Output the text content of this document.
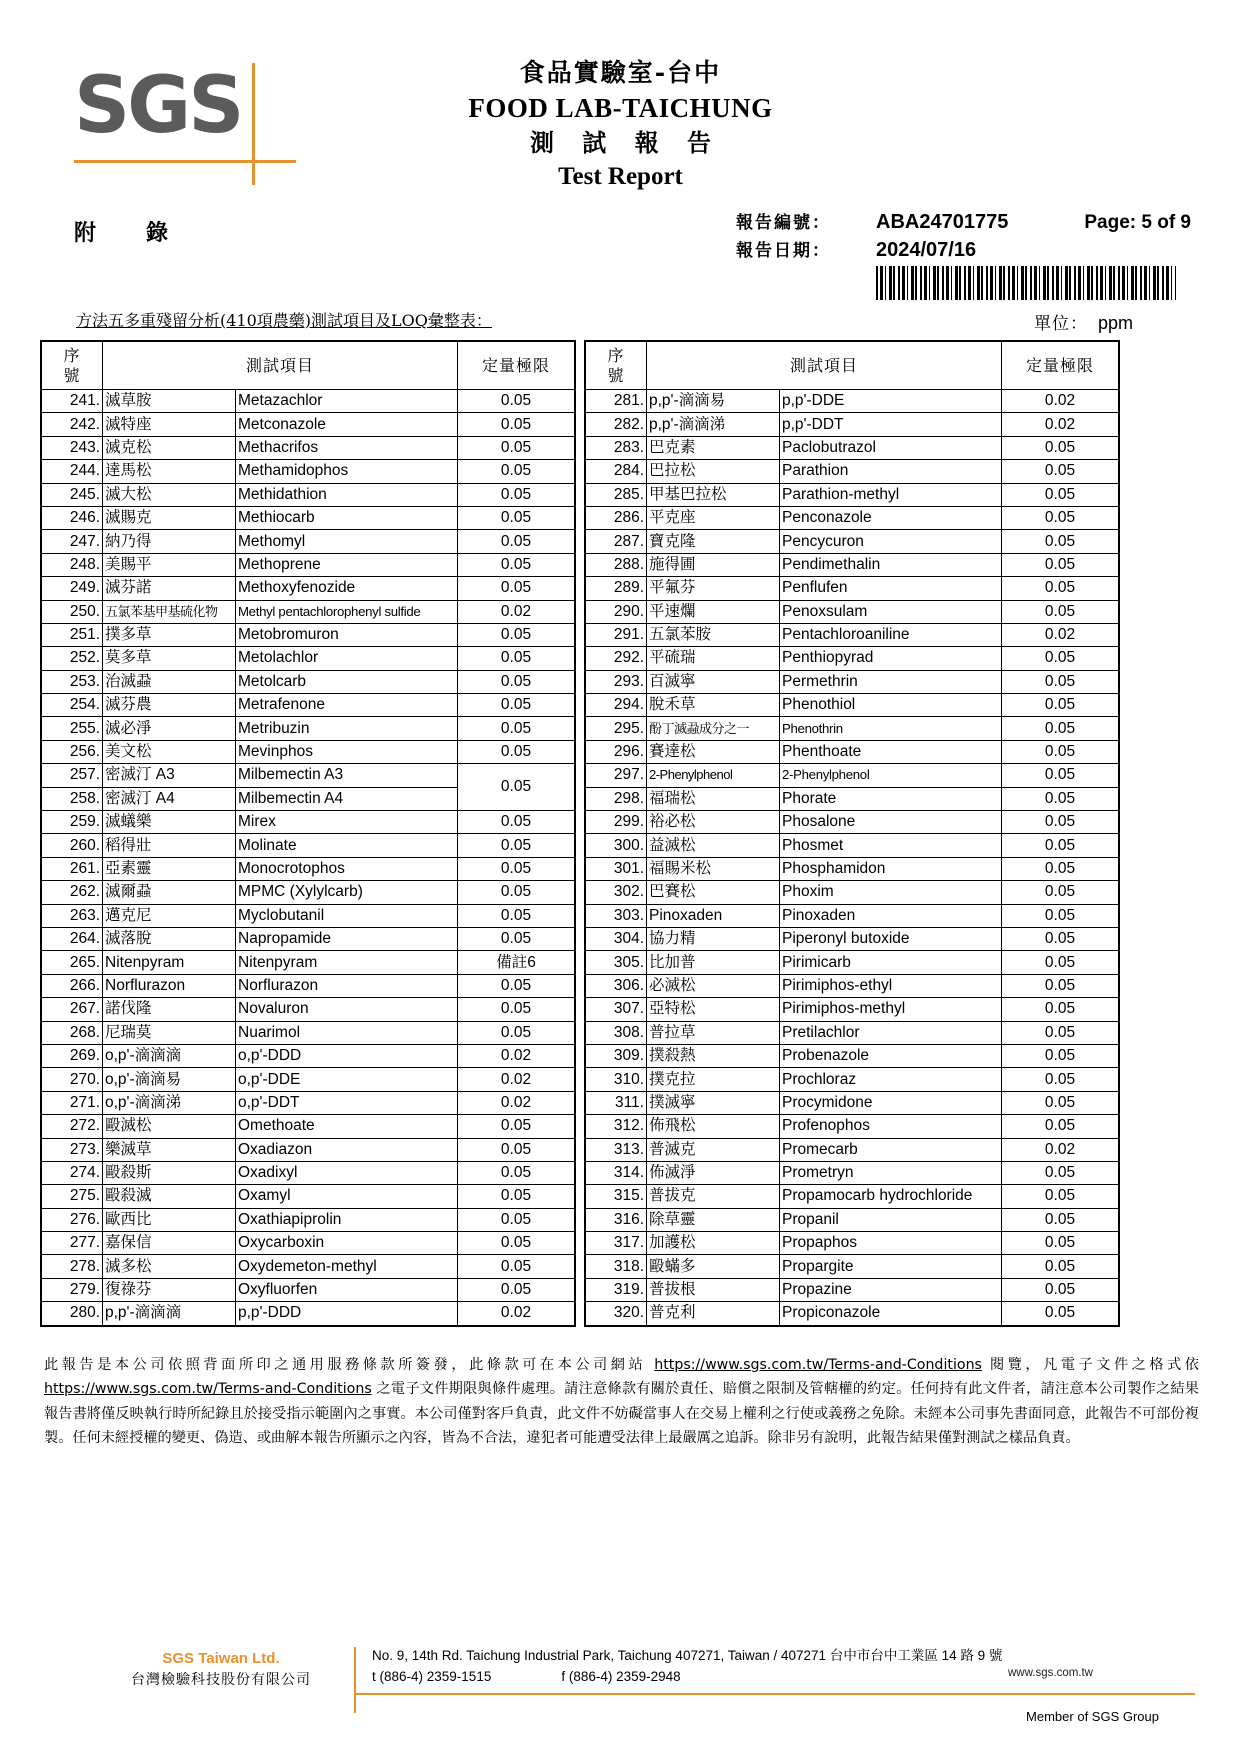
SGS	食品實驗室-台中
FOOD LAB-TAICHUNG
測 試 報 告
Test Report
Page: 5 of 9
附　錄	報告編號：	ABA24701775
報告日期：	2024/07/16
方法五多重殘留分析(410項農藥)測試項目及LOQ彙整表：	單位： ppm
序
號	測試項目		定量極限
241.	滅草胺	Metazachlor	0.05
242.	滅特座	Metconazole	0.05
243.	滅克松	Methacrifos	0.05
244.	達馬松	Methamidophos	0.05
245.	滅大松	Methidathion	0.05
246.	滅賜克	Methiocarb	0.05
247.	納乃得	Methomyl	0.05
248.	美賜平	Methoprene	0.05
249.	滅芬諾	Methoxyfenozide	0.05
250.	五氯苯基甲基硫化物	Methyl pentachlorophenyl sulfide	0.02
251.	撲多草	Metobromuron	0.05
252.	莫多草	Metolachlor	0.05
253.	治滅蝨	Metolcarb	0.05
254.	滅芬農	Metrafenone	0.05
255.	滅必淨	Metribuzin	0.05
256.	美文松	Mevinphos	0.05
257.	密滅汀 A3	Milbemectin A3	0.05
258.	密滅汀 A4	Milbemectin A4	
259.	滅蟻樂	Mirex	0.05
260.	稻得壯	Molinate	0.05
261.	亞素靈	Monocrotophos	0.05
262.	滅爾蝨	MPMC (Xylylcarb)	0.05
263.	邁克尼	Myclobutanil	0.05
264.	滅落脫	Napropamide	0.05
265.	Nitenpyram	Nitenpyram	備註6
266.	Norflurazon	Norflurazon	0.05
267.	諾伐隆	Novaluron	0.05
268.	尼瑞莫	Nuarimol	0.05
269.	o,p'-滴滴滴	o,p'-DDD	0.02
270.	o,p'-滴滴易	o,p'-DDE	0.02
271.	o,p'-滴滴涕	o,p'-DDT	0.02
272.	毆滅松	Omethoate	0.05
273.	樂滅草	Oxadiazon	0.05
274.	毆殺斯	Oxadixyl	0.05
275.	毆殺滅	Oxamyl	0.05
276.	歐西比	Oxathiapiprolin	0.05
277.	嘉保信	Oxycarboxin	0.05
278.	滅多松	Oxydemeton-methyl	0.05
279.	復祿芬	Oxyfluorfen	0.05
280.	p,p'-滴滴滴	p,p'-DDD	0.02
序
號	測試項目		定量極限
281.	p,p'-滴滴易	p,p'-DDE	0.02
282.	p,p'-滴滴涕	p,p'-DDT	0.02
283.	巴克素	Paclobutrazol	0.05
284.	巴拉松	Parathion	0.05
285.	甲基巴拉松	Parathion-methyl	0.05
286.	平克座	Penconazole	0.05
287.	寶克隆	Pencycuron	0.05
288.	施得圃	Pendimethalin	0.05
289.	平氟芬	Penflufen	0.05
290.	平速爛	Penoxsulam	0.05
291.	五氯苯胺	Pentachloroaniline	0.02
292.	平硫瑞	Penthiopyrad	0.05
293.	百滅寧	Permethrin	0.05
294.	脫禾草	Phenothiol	0.05
295.	酚丁滅蝨成分之一	Phenothrin	0.05
296.	賽達松	Phenthoate	0.05
297.	2-Phenylphenol	2-Phenylphenol	0.05
298.	福瑞松	Phorate	0.05
299.	裕必松	Phosalone	0.05
300.	益滅松	Phosmet	0.05
301.	福賜米松	Phosphamidon	0.05
302.	巴賽松	Phoxim	0.05
303.	Pinoxaden	Pinoxaden	0.05
304.	協力精	Piperonyl butoxide	0.05
305.	比加普	Pirimicarb	0.05
306.	必滅松	Pirimiphos-ethyl	0.05
307.	亞特松	Pirimiphos-methyl	0.05
308.	普拉草	Pretilachlor	0.05
309.	撲殺熱	Probenazole	0.05
310.	撲克拉	Prochloraz	0.05
311.	撲滅寧	Procymidone	0.05
312.	佈飛松	Profenophos	0.05
313.	普滅克	Promecarb	0.02
314.	佈滅淨	Prometryn	0.05
315.	普拔克	Propamocarb hydrochloride	0.05
316.	除草靈	Propanil	0.05
317.	加護松	Propaphos	0.05
318.	毆蟎多	Propargite	0.05
319.	普拔根	Propazine	0.05
320.	普克利	Propiconazole	0.05
此報告是本公司依照背面所印之通用服務條款所簽發，此條款可在本公司網站 https://www.sgs.com.tw/Terms-and-Conditions 閱覽，凡電子文件之格式依 https://www.sgs.com.tw/Terms-and-Conditions 之電子文件期限與條件處理。請注意條款有關於責任、賠償之限制及管轄權的約定。任何持有此文件者，請注意本公司製作之結果報告書將僅反映執行時所紀錄且於接受指示範圍內之事實。本公司僅對客戶負責，此文件不妨礙當事人在交易上權利之行使或義務之免除。未經本公司事先書面同意，此報告不可部份複製。任何未經授權的變更、偽造、或曲解本報告所顯示之內容，皆為不合法，違犯者可能遭受法律上最嚴厲之追訴。除非另有說明，此報告結果僅對測試之樣品負責。
SGS Taiwan Ltd.
台灣檢驗科技股份有限公司
No. 9, 14th Rd. Taichung Industrial Park, Taichung 407271, Taiwan / 407271 台中市台中工業區 14 路 9 號
t (886-4) 2359-1515	f (886-4) 2359-2948	www.sgs.com.tw
Member of SGS Group
